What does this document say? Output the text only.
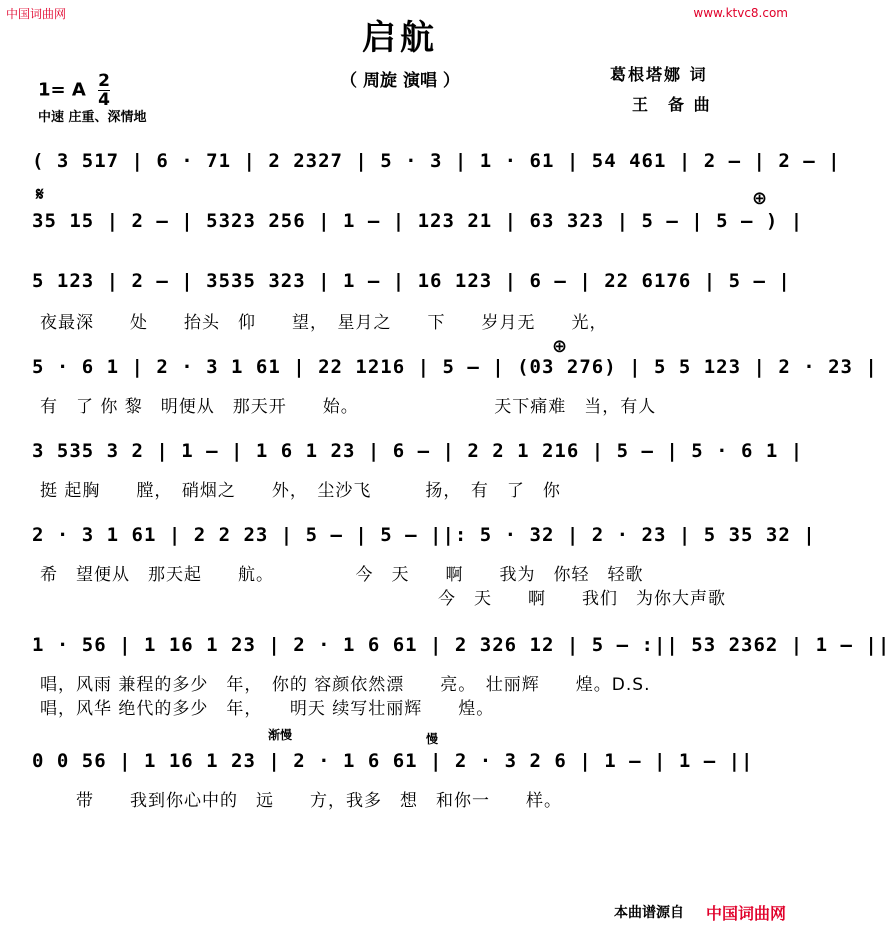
中国词曲网	www.ktvc8.com
启航
（ 周旋 演唱 ）	葛根塔娜 词
王　备 曲
1= A $\frac{2}{4}$
中速 庄重、深情地
( 3 517 | 6 · 71 | 2 2327 | 5 · 3 | 1 · 61 | 54 461 | 2 – | 2 – |
𝄋	⊕
35 15 | 2 – | 5323 256 | 1 – | 123 21 | 63 323 | 5 – | 5 – ) |
5 123 | 2 – | 3535 323 | 1 – | 16 123 | 6 – | 22 6176 | 5 – |
夜最深　　处　　抬头　仰　　望，　星月之　　下　　岁月无　　光，
⊕
5 · 6 1 | 2 · 3 1 61 | 22 1216 | 5 – | (03 276) | 5 5 123 | 2 · 23 |
有　了 你 黎　明便从　那天开　　始。　　　　　　　　天下痛难　当，有人
3 535 3 2 | 1 – | 1 6 1 23 | 6 – | 2 2 1 216 | 5 – | 5 · 6 1 |
挺 起胸　　膛，　硝烟之　　外，　尘沙飞　　　扬，　有　了　你
2 · 3 1 61 | 2 2 23 | 5 – | 5 – ||: 5 · 32 | 2 · 23 | 5 35 32 |
希　望便从　那天起　　航。　　　　　今　天　　啊　　我为　你轻　轻歌
今　天　　啊　　我们　为你大声歌
1 · 56 | 1 16 1 23 | 2 · 1 6 61 | 2 326 12 | 5 – :|| 53 2362 | 1 – ||
唱，风雨 兼程的多少　年，　你的 容颜依然漂　　亮。　壮丽辉　　煌。D.S.
唱，风华 绝代的多少　年，　　明天 续写壮丽辉　　煌。
渐慢	慢
0 0 56 | 1 16 1 23 | 2 · 1 6 61 | 2 · 3 2 6 | 1 – | 1 – ||
带　　我到你心中的　远　　方，我多　想　和你一　　样。
本曲谱源自 中国词曲网
